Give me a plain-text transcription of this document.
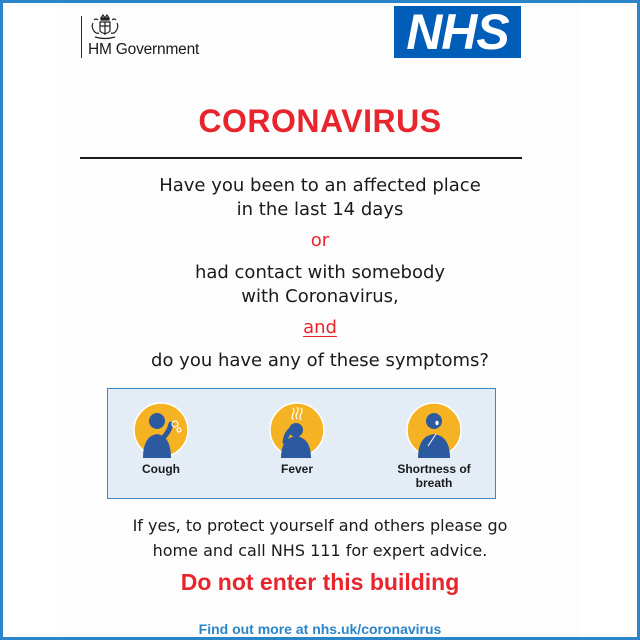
HM Government	NHS
CORONAVIRUS
Have you been to an affected place
in the last 14 days
or
had contact with somebody
with Coronavirus,
and
do you have any of these symptoms?
Cough	Fever	Shortness of breath
If yes, to protect yourself and others please go
home and call NHS 111 for expert advice.
Do not enter this building
Find out more at nhs.uk/coronavirus
